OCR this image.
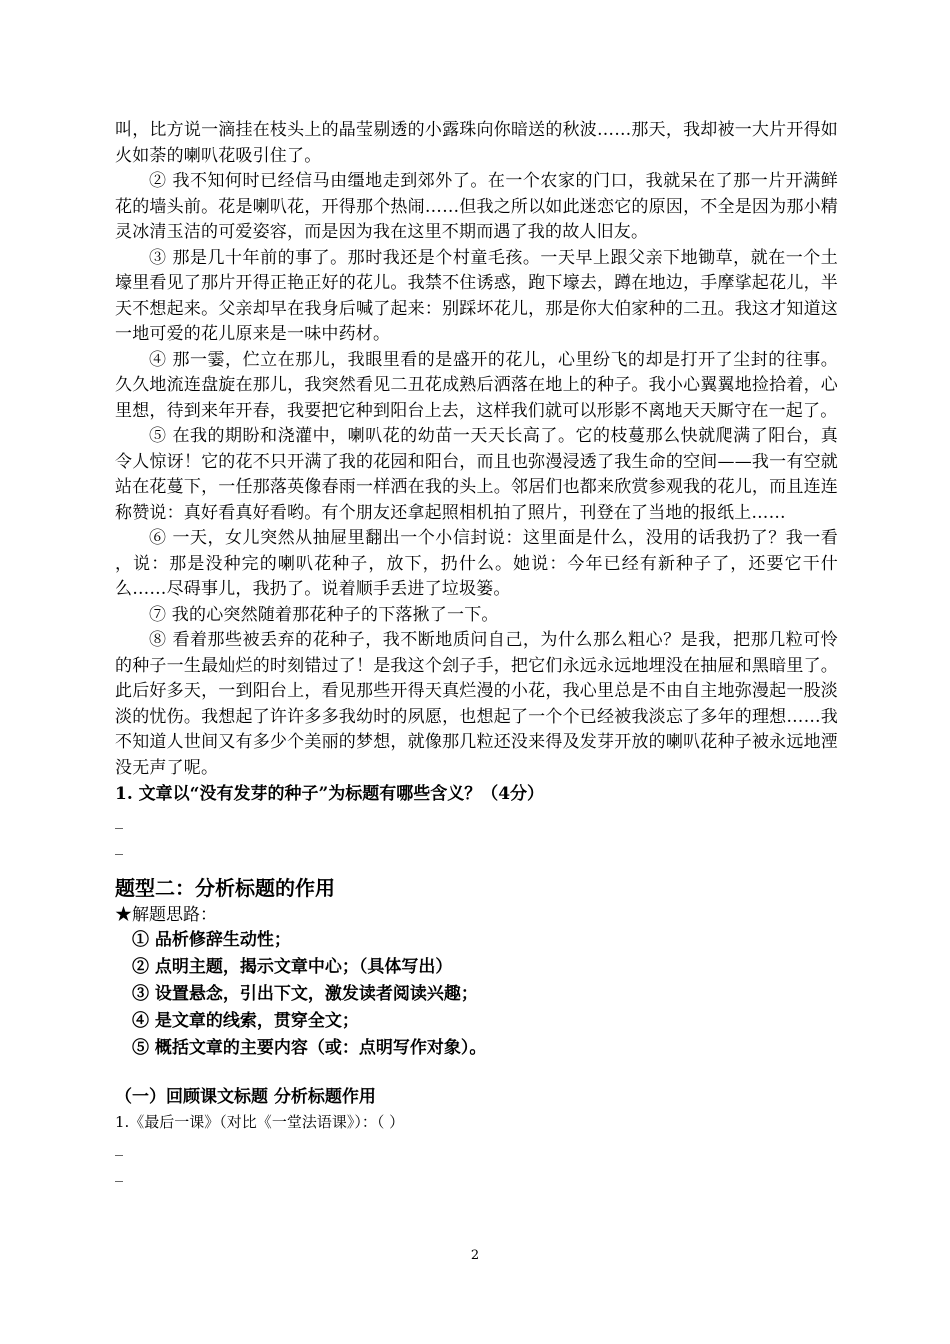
叫，比方说一滴挂在枝头上的晶莹剔透的小露珠向你暗送的秋波……那天，我却被一大片开得如火如荼的喇叭花吸引住了。

② 我不知何时已经信马由缰地走到郊外了。在一个农家的门口，我就呆在了那一片开满鲜花的墙头前。花是喇叭花，开得那个热闹……但我之所以如此迷恋它的原因，不全是因为那小精灵冰清玉洁的可爱姿容，而是因为我在这里不期而遇了我的故人旧友。

③ 那是几十年前的事了。那时我还是个村童毛孩。一天早上跟父亲下地锄草，就在一个土壕里看见了那片开得正艳正好的花儿。我禁不住诱惑，跑下壕去，蹲在地边，手摩挲起花儿，半天不想起来。父亲却早在我身后喊了起来：别踩坏花儿，那是你大伯家种的二丑。我这才知道这一地可爱的花儿原来是一味中药材。

④ 那一霎，伫立在那儿，我眼里看的是盛开的花儿，心里纷飞的却是打开了尘封的往事。久久地流连盘旋在那儿，我突然看见二丑花成熟后洒落在地上的种子。我小心翼翼地捡拾着，心里想，待到来年开春，我要把它种到阳台上去，这样我们就可以形影不离地天天厮守在一起了。

⑤ 在我的期盼和浇灌中，喇叭花的幼苗一天天长高了。它的枝蔓那么快就爬满了阳台，真令人惊讶！它的花不只开满了我的花园和阳台，而且也弥漫浸透了我生命的空间——我一有空就站在花蔓下，一任那落英像春雨一样洒在我的头上。邻居们也都来欣赏参观我的花儿，而且连连称赞说：真好看真好看哟。有个朋友还拿起照相机拍了照片，刊登在了当地的报纸上……

⑥ 一天，女儿突然从抽屉里翻出一个小信封说：这里面是什么，没用的话我扔了？我一看 ，说：那是没种完的喇叭花种子，放下，扔什么。她说：今年已经有新种子了，还要它干什么……尽碍事儿，我扔了。说着顺手丢进了垃圾篓。

⑦ 我的心突然随着那花种子的下落揪了一下。

⑧ 看着那些被丢弃的花种子，我不断地质问自己，为什么那么粗心？是我，把那几粒可怜的种子一生最灿烂的时刻错过了！是我这个刽子手，把它们永远永远地埋没在抽屉和黑暗里了。此后好多天，一到阳台上，看见那些开得天真烂漫的小花，我心里总是不由自主地弥漫起一股淡淡的忧伤。我想起了许许多多我幼时的夙愿，也想起了一个个已经被我淡忘了多年的理想……我不知道人世间又有多少个美丽的梦想，就像那几粒还没来得及发芽开放的喇叭花种子被永远地湮没无声了呢。

1. 文章以“没有发芽的种子”为标题有哪些含义？（4分）

_

_

题型二：分析标题的作用

★解题思路：

① 品析修辞生动性；

② 点明主题，揭示文章中心；（具体写出）

③ 设置悬念，引出下文，激发读者阅读兴趣；

④ 是文章的线索，贯穿全文；

⑤ 概括文章的主要内容（或：点明写作对象）。

（一）回顾课文标题 分析标题作用

1.《最后一课》（对比《一堂法语课》）：（ ）

_

_

2
